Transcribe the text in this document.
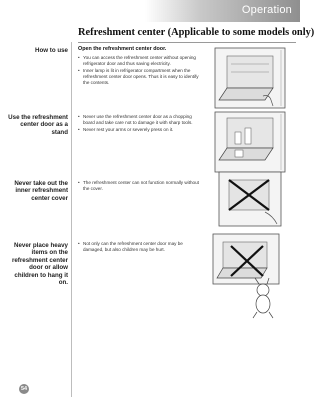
Operation
Refreshment center (Applicable to some models only)
How to use Open the refreshment center door.
• You can access the refreshment center without opening refrigerator door and thus saving electricity.
• Inner lamp is lit in refrigerator compartment when the refreshment center door opens. Thus it is easy to identify the contents.
Use the refreshment center door as a stand
• Never use the refreshment center door as a chopping board and take care not to damage it with sharp tools.
• Never rest your arms or severely press on it.
Never take out the inner refreshment center cover
• The refreshment center can not function normally without the cover.
Never place heavy items on the refreshment center door or allow children to hang it on.
• Not only can the refreshment center door may be damaged, but also children may be hurt.
54
